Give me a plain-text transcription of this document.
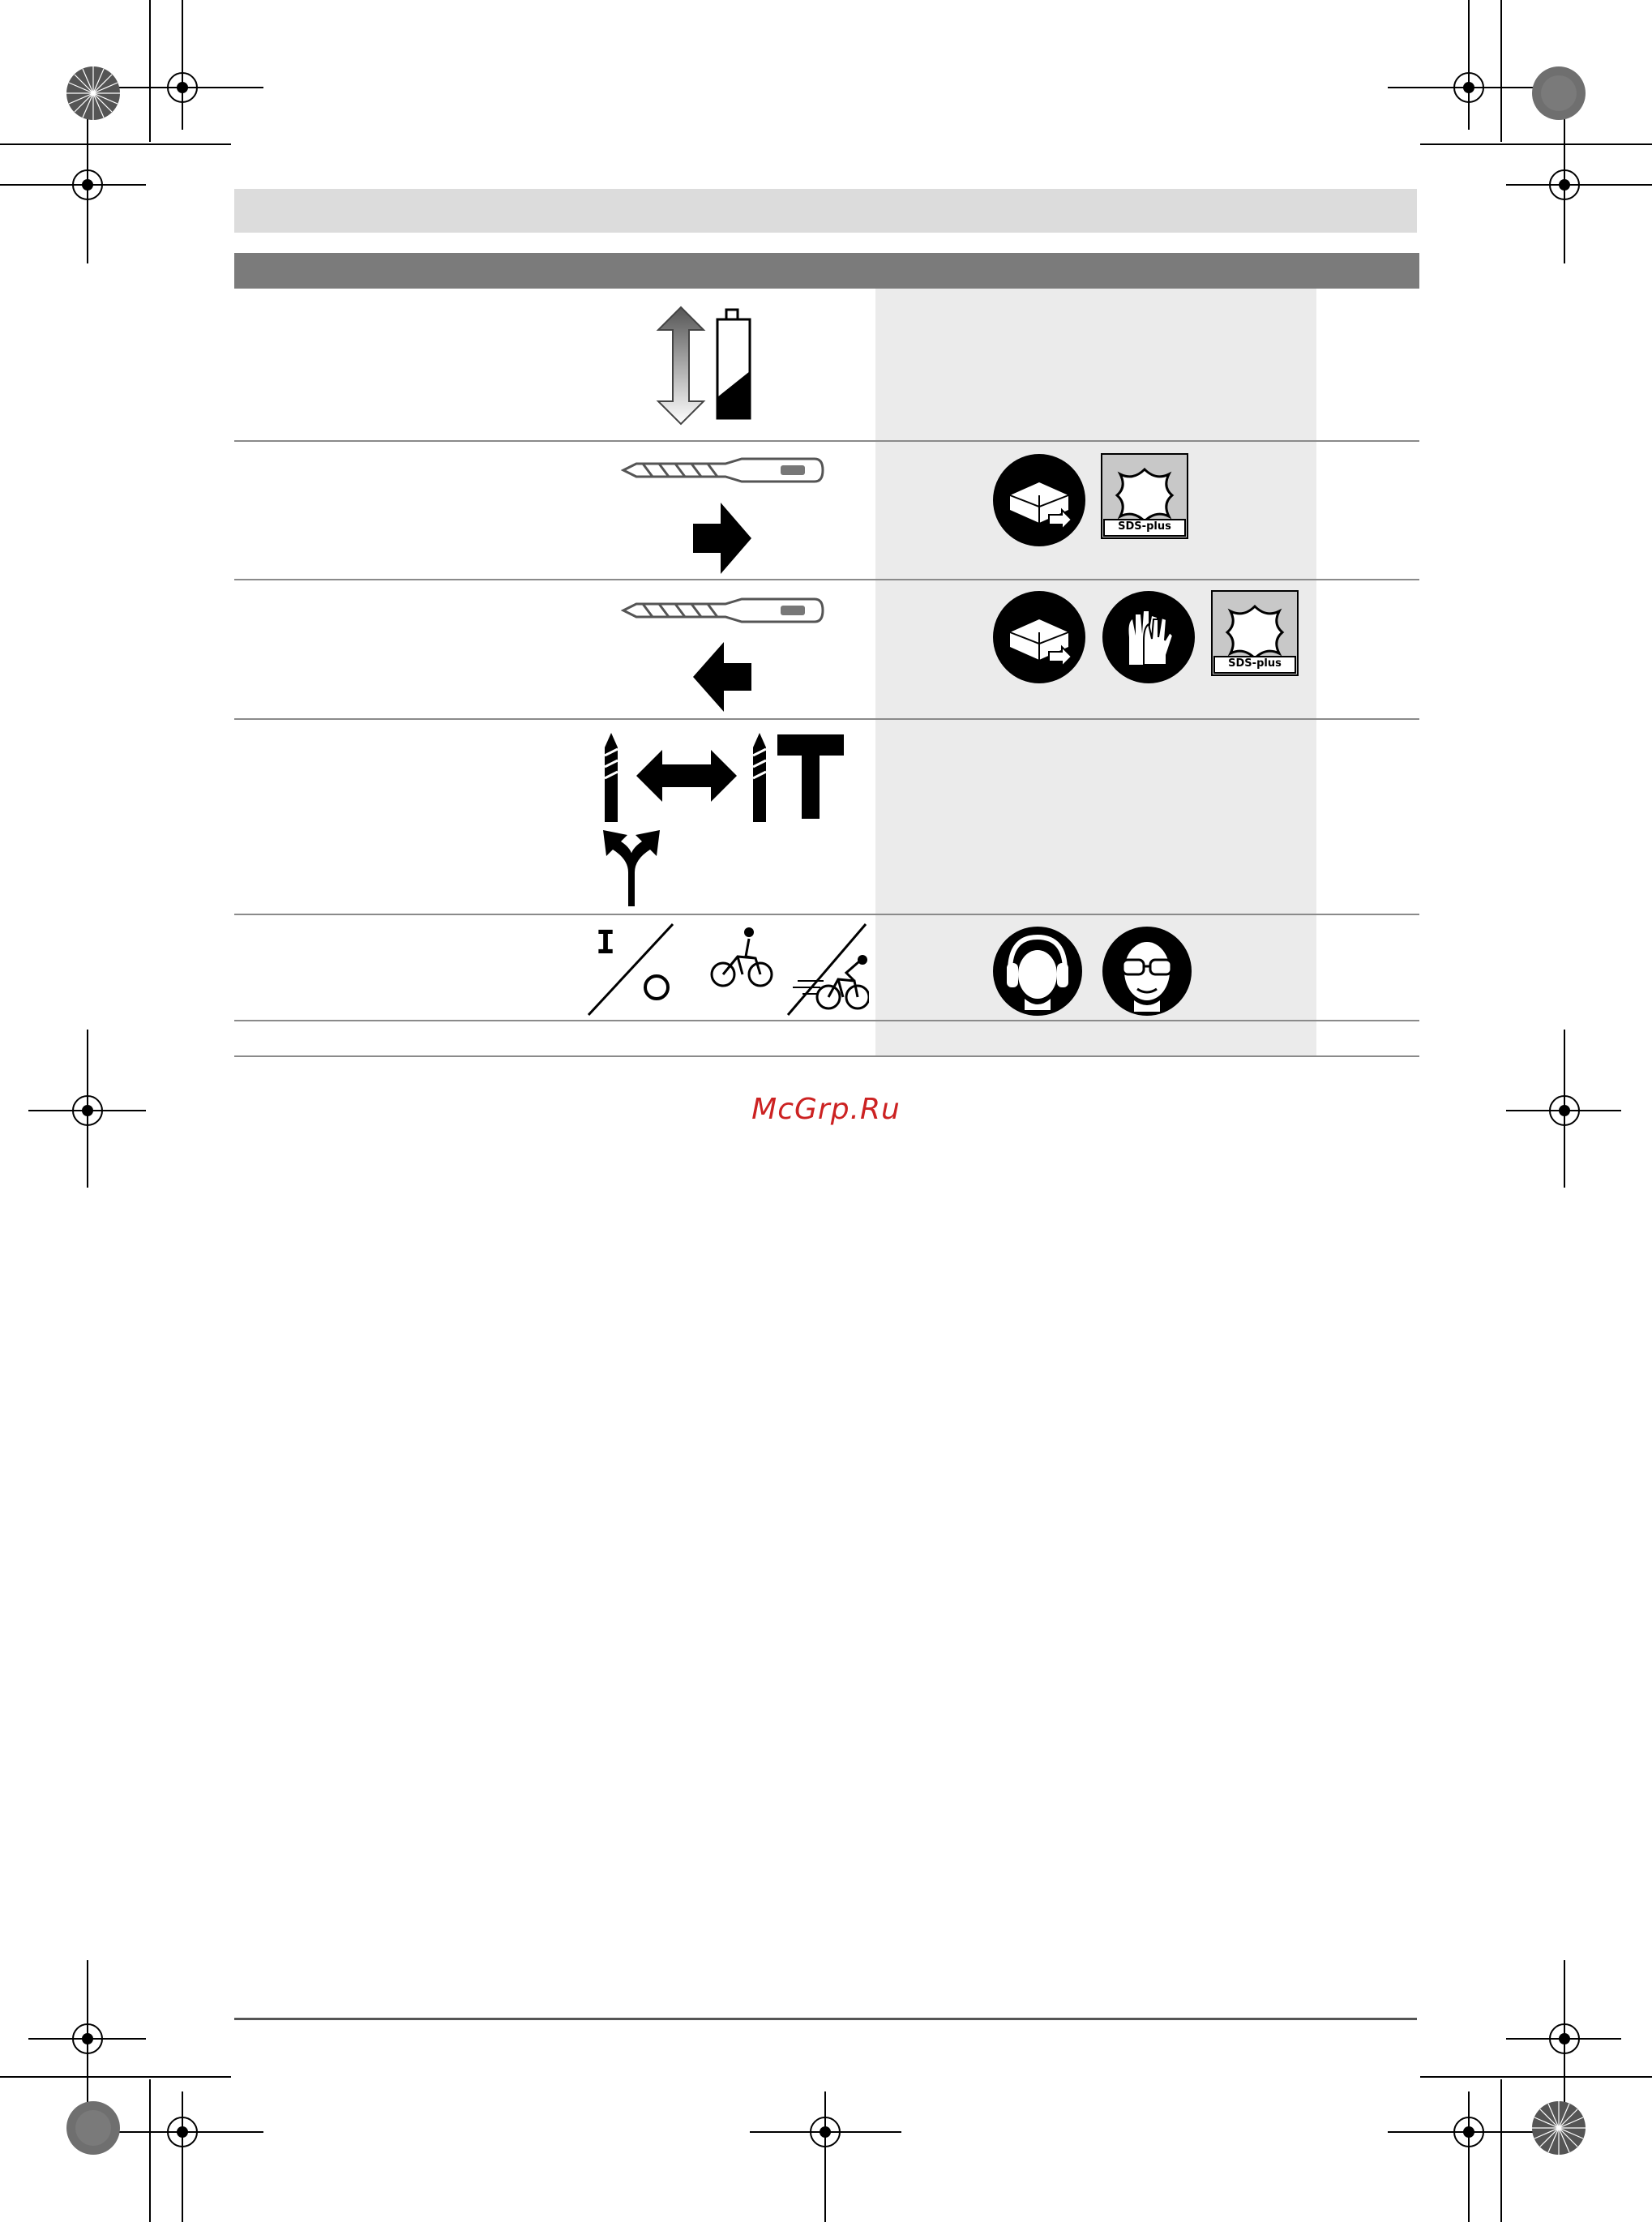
SDS-plus
SDS-plus
I
McGrp.Ru
